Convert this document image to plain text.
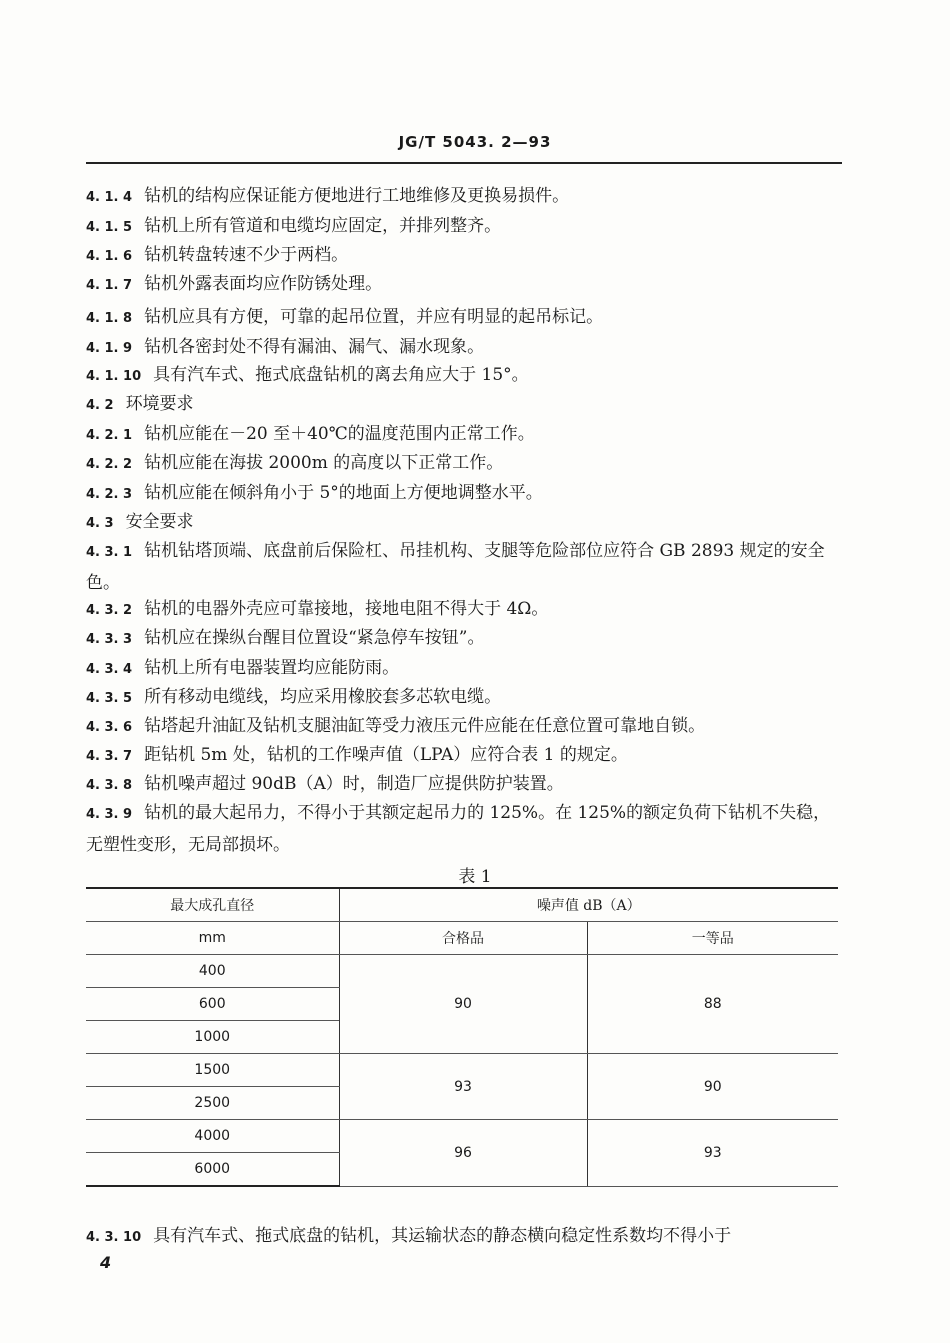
JG/T 5043. 2—93
4. 1. 4 钻机的结构应保证能方便地进行工地维修及更换易损件。
4. 1. 5 钻机上所有管道和电缆均应固定，并排列整齐。
4. 1. 6 钻机转盘转速不少于两档。
4. 1. 7 钻机外露表面均应作防锈处理。
4. 1. 8 钻机应具有方便，可靠的起吊位置，并应有明显的起吊标记。
4. 1. 9 钻机各密封处不得有漏油、漏气、漏水现象。
4. 1. 10 具有汽车式、拖式底盘钻机的离去角应大于 15°。
4. 2 环境要求
4. 2. 1 钻机应能在－20 至＋40℃的温度范围内正常工作。
4. 2. 2 钻机应能在海拔 2000m 的高度以下正常工作。
4. 2. 3 钻机应能在倾斜角小于 5°的地面上方便地调整水平。
4. 3 安全要求
4. 3. 1 钻机钻塔顶端、底盘前后保险杠、吊挂机构、支腿等危险部位应符合 GB 2893 规定的安全色。
4. 3. 2 钻机的电器外壳应可靠接地，接地电阻不得大于 4Ω。
4. 3. 3 钻机应在操纵台醒目位置设“紧急停车按钮”。
4. 3. 4 钻机上所有电器装置均应能防雨。
4. 3. 5 所有移动电缆线，均应采用橡胶套多芯软电缆。
4. 3. 6 钻塔起升油缸及钻机支腿油缸等受力液压元件应能在任意位置可靠地自锁。
4. 3. 7 距钻机 5m 处，钻机的工作噪声值（LPA）应符合表 1 的规定。
4. 3. 8 钻机噪声超过 90dB（A）时，制造厂应提供防护装置。
4. 3. 9 钻机的最大起吊力，不得小于其额定起吊力的 125%。在 125%的额定负荷下钻机不失稳，无塑性变形，无局部损坏。
表 1
最大成孔直径	噪声值 dB（A）	
mm	合格品	一等品
400	90	88
600		
1000		
1500	93	90
2500		
4000	96	93
6000		
4. 3. 10 具有汽车式、拖式底盘的钻机，其运输状态的静态横向稳定性系数均不得小于
4
